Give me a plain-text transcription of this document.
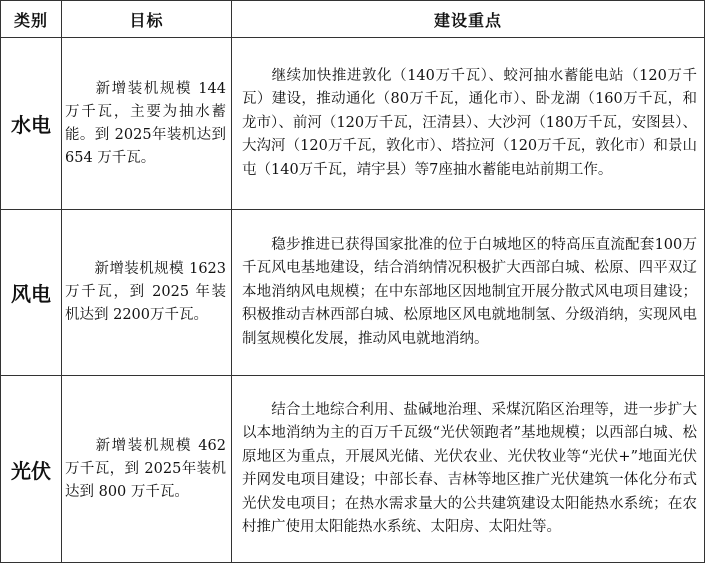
类别	目标	建设重点
水电	新增装机规模 144万千瓦，主要为抽水蓄能。到 2025年装机达到 654 万千瓦。	继续加快推进敦化（140万千瓦）、蛟河抽水蓄能电站（120万千瓦）建设，推动通化（80万千瓦，通化市）、卧龙湖（160万千瓦，和龙市）、前河（120万千瓦，汪清县）、大沙河（180万千瓦，安图县）、大沟河（120万千瓦，敦化市）、塔拉河（120万千瓦，敦化市）和景山屯（140万千瓦，靖宇县）等7座抽水蓄能电站前期工作。
风电	新增装机规模 1623 万千瓦，到 2025 年装机达到 2200万千瓦。	稳步推进已获得国家批准的位于白城地区的特高压直流配套100万千瓦风电基地建设，结合消纳情况积极扩大西部白城、松原、四平双辽本地消纳风电规模；在中东部地区因地制宜开展分散式风电项目建设；积极推动吉林西部白城、松原地区风电就地制氢、分级消纳，实现风电制氢规模化发展，推动风电就地消纳。
光伏	新增装机规模 462万千瓦，到 2025年装机达到 800 万千瓦。	结合土地综合利用、盐碱地治理、采煤沉陷区治理等，进一步扩大以本地消纳为主的百万千瓦级“光伏领跑者”基地规模；以西部白城、松原地区为重点，开展风光储、光伏农业、光伏牧业等“光伏+”地面光伏并网发电项目建设；中部长春、吉林等地区推广光伏建筑一体化分布式光伏发电项目；在热水需求量大的公共建筑建设太阳能热水系统；在农村推广使用太阳能热水系统、太阳房、太阳灶等。
